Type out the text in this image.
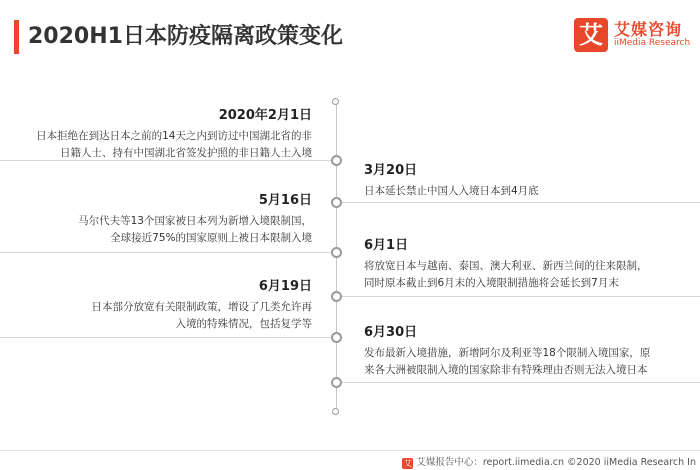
2020H1日本防疫隔离政策变化	艾 艾媒咨询
iiMedia Research
2020年2月1日
日本拒绝在到达日本之前的14天之内到访过中国湖北省的非
日籍人士、持有中国湖北省签发护照的非日籍人士入境
3月20日
日本延长禁止中国人入境日本到4月底
5月16日
马尔代夫等13个国家被日本列为新增入境限制国，
全球接近75%的国家原则上被日本限制入境	6月1日
将放宽日本与越南、泰国、澳大利亚、新西兰间的往来限制，
同时原本截止到6月末的入境限制措施将会延长到7月末
6月19日
日本部分放宽有关限制政策，增设了几类允许再
入境的特殊情况，包括复学等
6月30日
发布最新入境措施，新增阿尔及利亚等18个限制入境国家，原
来各大洲被限制入境的国家除非有特殊理由否则无法入境日本
艾 艾媒报告中心：report.iimedia.cn ©2020 iiMedia Research In
